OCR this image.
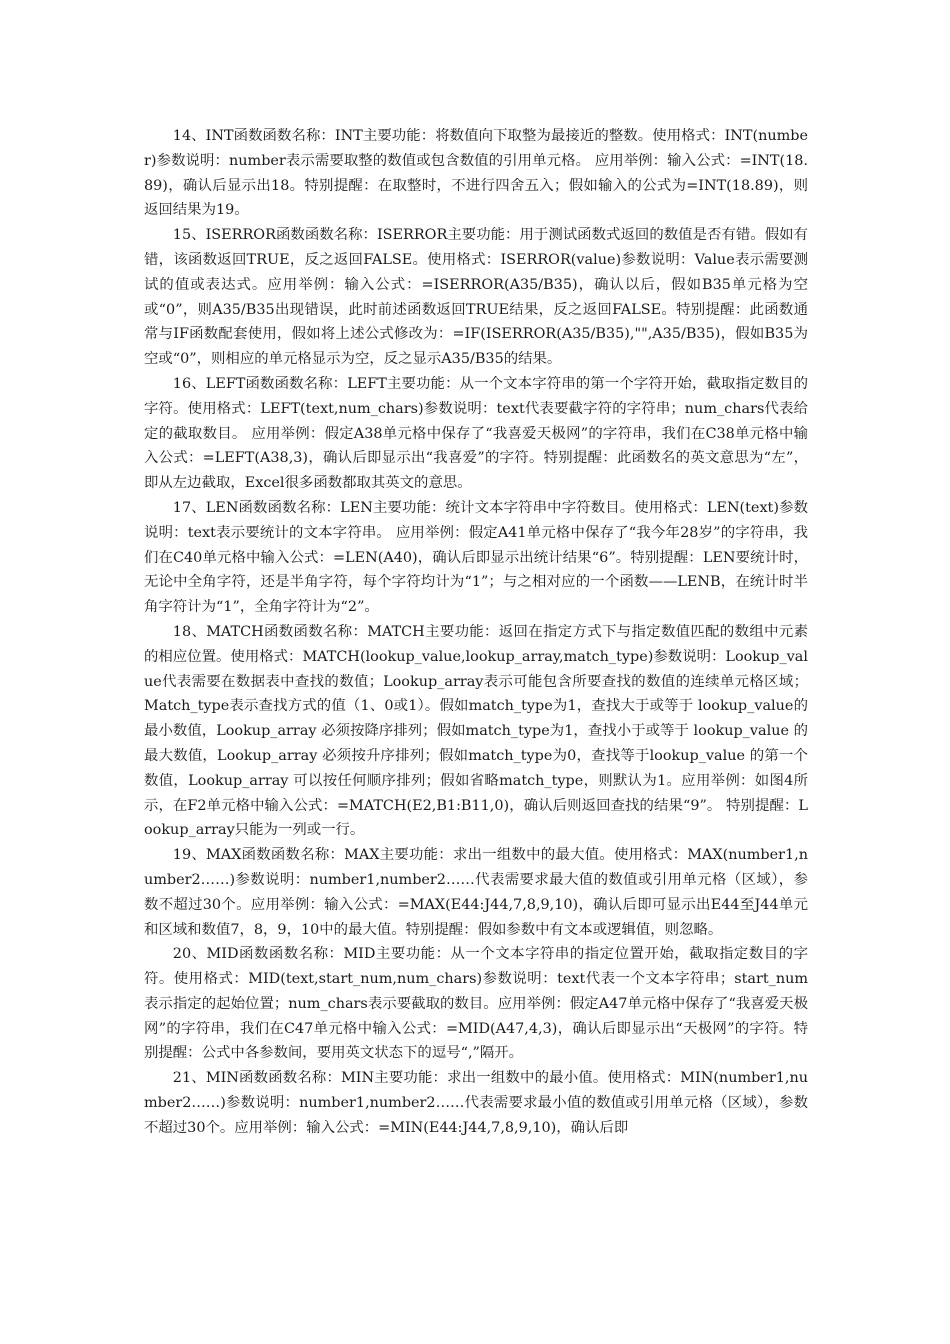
14、INT函数函数名称：INT主要功能：将数值向下取整为最接近的整数。使用格式：INT(number)参数说明：number表示需要取整的数值或包含数值的引用单元格。 应用举例：输入公式：=INT(18.89)，确认后显示出18。特别提醒：在取整时，不进行四舍五入；假如输入的公式为=INT(18.89)，则返回结果为19。

15、ISERROR函数函数名称：ISERROR主要功能：用于测试函数式返回的数值是否有错。假如有错，该函数返回TRUE，反之返回FALSE。使用格式：ISERROR(value)参数说明：Value表示需要测试的值或表达式。应用举例：输入公式：=ISERROR(A35/B35)，确认以后，假如B35单元格为空或“0”，则A35/B35出现错误，此时前述函数返回TRUE结果，反之返回FALSE。特别提醒：此函数通常与IF函数配套使用，假如将上述公式修改为：=IF(ISERROR(A35/B35),"",A35/B35)，假如B35为空或“0”，则相应的单元格显示为空，反之显示A35/B35的结果。

16、LEFT函数函数名称：LEFT主要功能：从一个文本字符串的第一个字符开始，截取指定数目的字符。使用格式：LEFT(text,num_chars)参数说明：text代表要截字符的字符串；num_chars代表给定的截取数目。 应用举例：假定A38单元格中保存了“我喜爱天极网”的字符串，我们在C38单元格中输入公式：=LEFT(A38,3)，确认后即显示出“我喜爱”的字符。特别提醒：此函数名的英文意思为“左”，即从左边截取，Excel很多函数都取其英文的意思。

17、LEN函数函数名称：LEN主要功能：统计文本字符串中字符数目。使用格式：LEN(text)参数说明：text表示要统计的文本字符串。 应用举例：假定A41单元格中保存了“我今年28岁”的字符串，我们在C40单元格中输入公式：=LEN(A40)，确认后即显示出统计结果“6”。特别提醒：LEN要统计时，无论中全角字符，还是半角字符，每个字符均计为“1”；与之相对应的一个函数——LENB，在统计时半角字符计为“1”，全角字符计为“2”。

18、MATCH函数函数名称：MATCH主要功能：返回在指定方式下与指定数值匹配的数组中元素的相应位置。使用格式：MATCH(lookup_value,lookup_array,match_type)参数说明：Lookup_value代表需要在数据表中查找的数值；Lookup_array表示可能包含所要查找的数值的连续单元格区域；Match_type表示查找方式的值（1、0或1）。假如match_type为1，查找大于或等于 lookup_value的最小数值，Lookup_array 必须按降序排列；假如match_type为1，查找小于或等于 lookup_value 的最大数值，Lookup_array 必须按升序排列；假如match_type为0，查找等于lookup_value 的第一个数值，Lookup_array 可以按任何顺序排列；假如省略match_type，则默认为1。应用举例：如图4所示，在F2单元格中输入公式：=MATCH(E2,B1:B11,0)，确认后则返回查找的结果“9”。 特别提醒：Lookup_array只能为一列或一行。

19、MAX函数函数名称：MAX主要功能：求出一组数中的最大值。使用格式：MAX(number1,number2……)参数说明：number1,number2……代表需要求最大值的数值或引用单元格（区域），参数不超过30个。应用举例：输入公式：=MAX(E44:J44,7,8,9,10)，确认后即可显示出E44至J44单元和区域和数值7，8，9，10中的最大值。特别提醒：假如参数中有文本或逻辑值，则忽略。

20、MID函数函数名称：MID主要功能：从一个文本字符串的指定位置开始，截取指定数目的字符。使用格式：MID(text,start_num,num_chars)参数说明：text代表一个文本字符串；start_num表示指定的起始位置；num_chars表示要截取的数目。应用举例：假定A47单元格中保存了“我喜爱天极网”的字符串，我们在C47单元格中输入公式：=MID(A47,4,3)，确认后即显示出“天极网”的字符。特别提醒：公式中各参数间，要用英文状态下的逗号“,”隔开。

21、MIN函数函数名称：MIN主要功能：求出一组数中的最小值。使用格式：MIN(number1,number2……)参数说明：number1,number2……代表需要求最小值的数值或引用单元格（区域），参数不超过30个。应用举例：输入公式：=MIN(E44:J44,7,8,9,10)，确认后即
